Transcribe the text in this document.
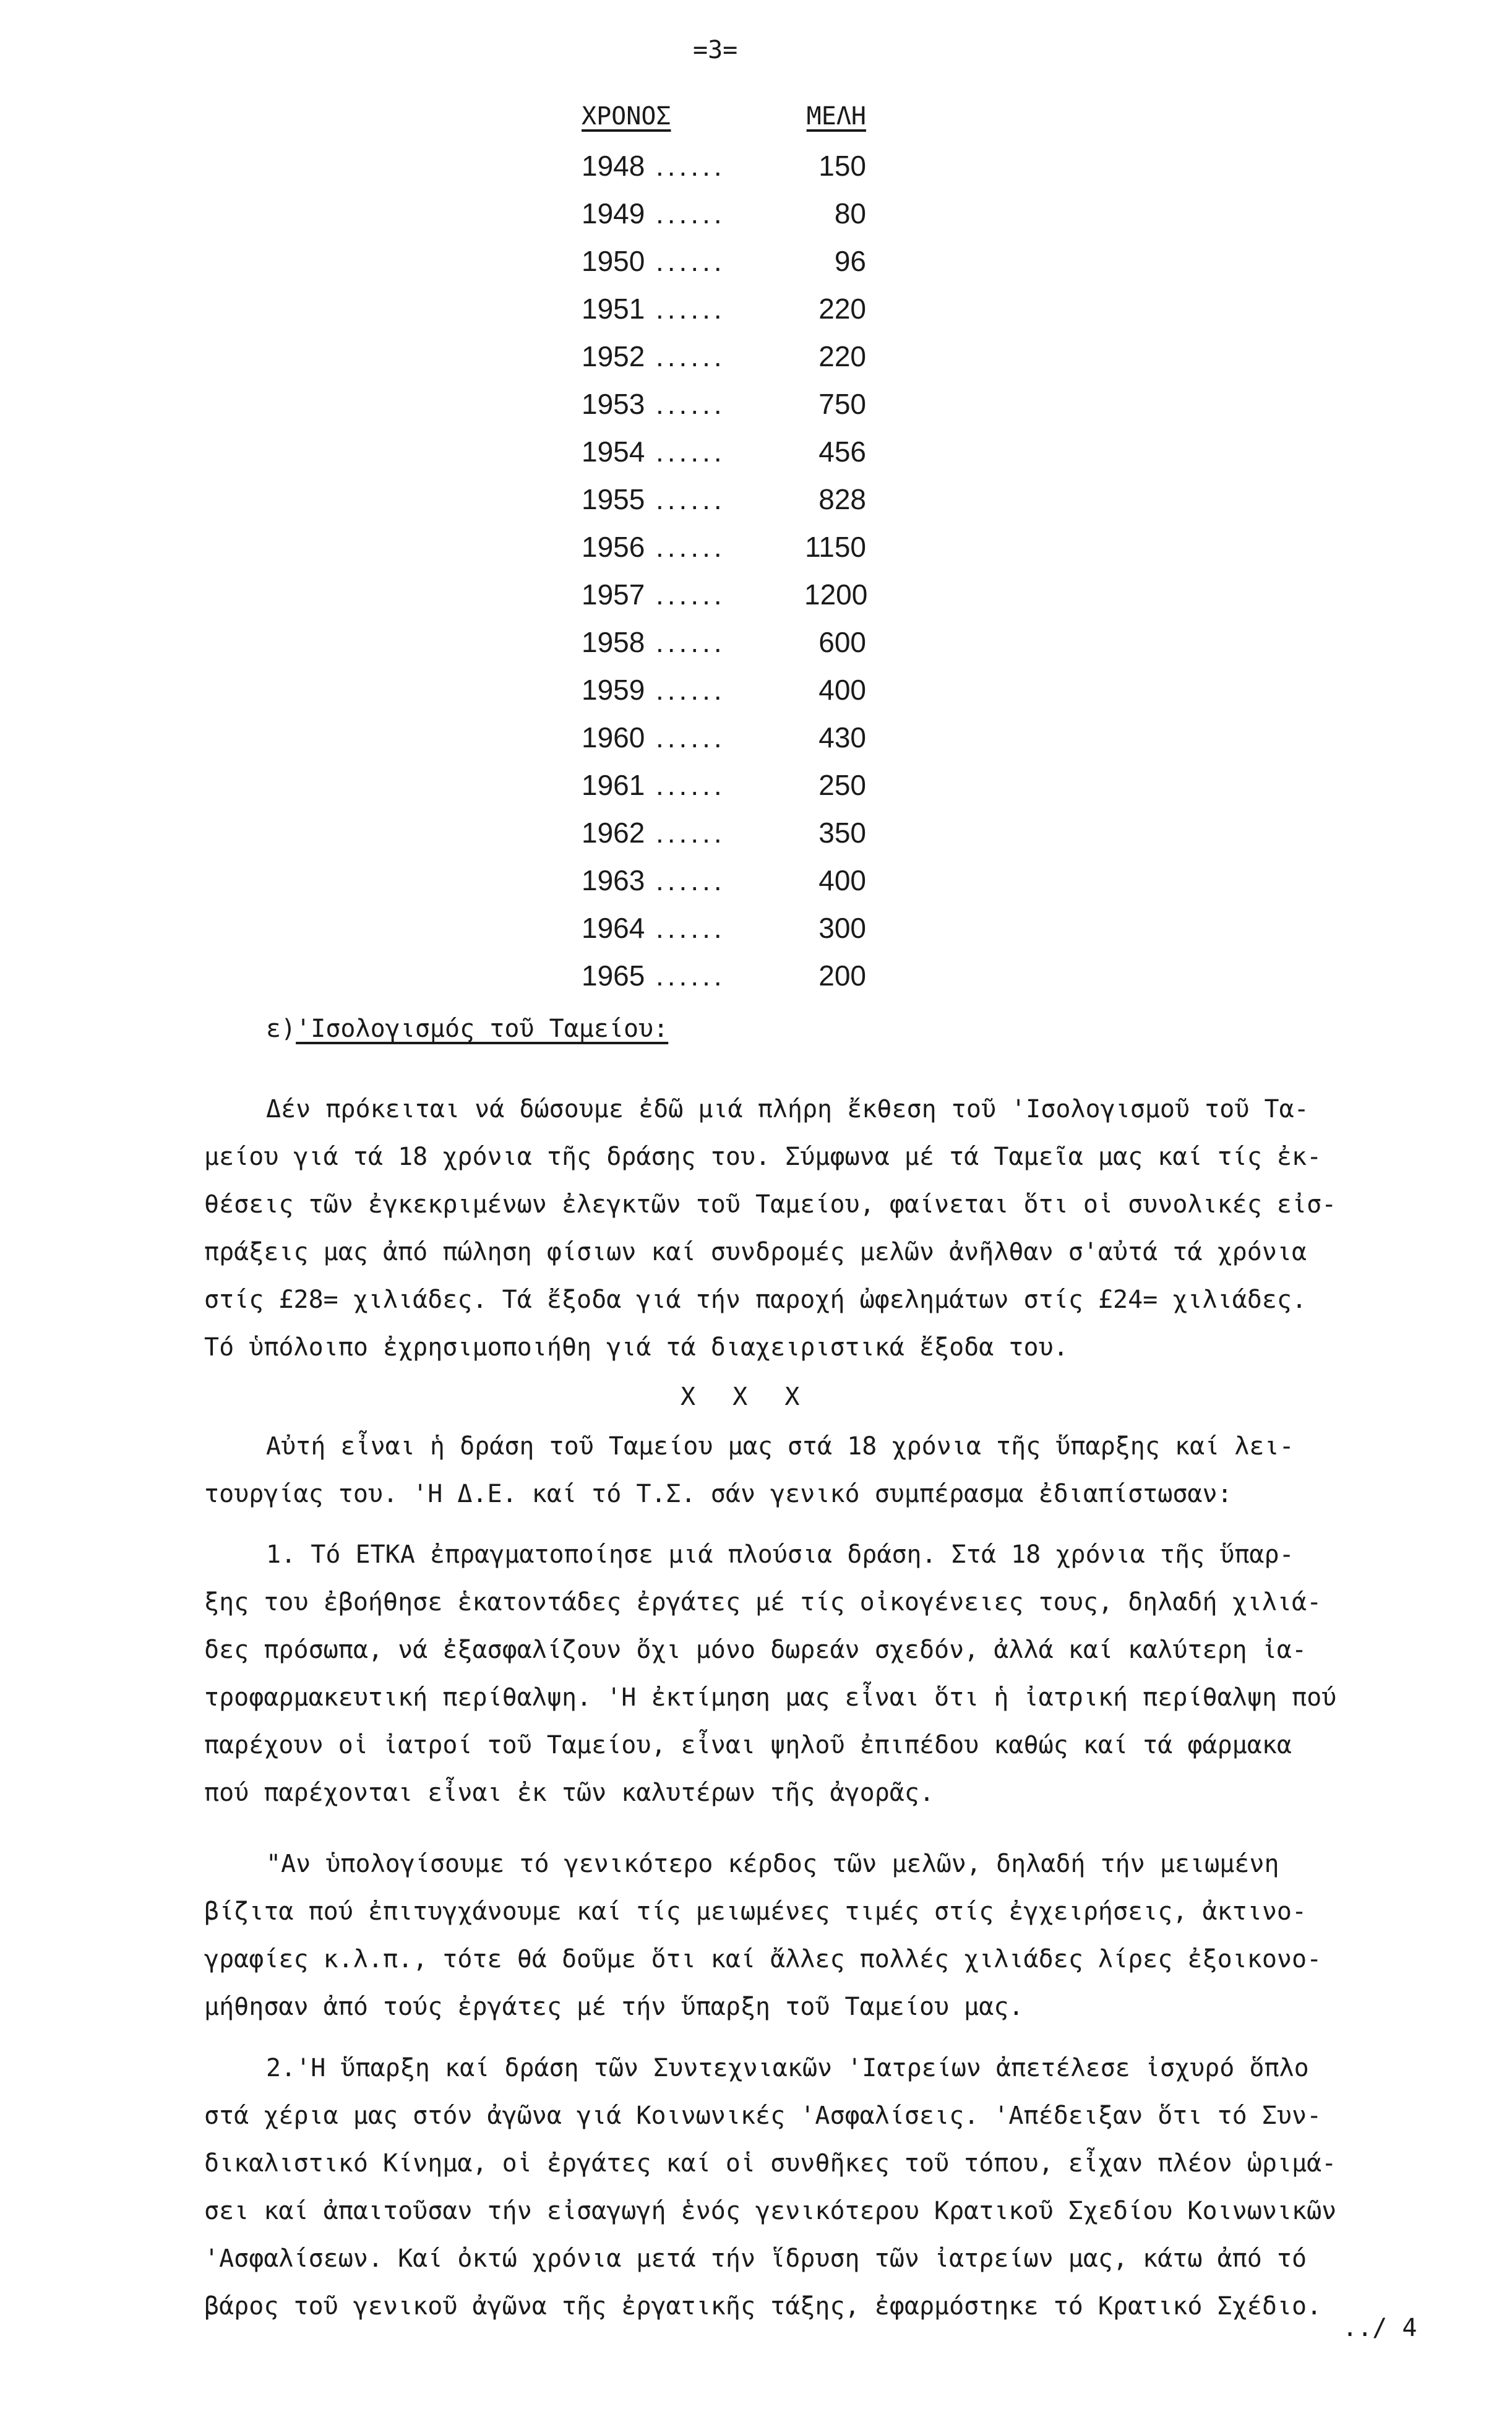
=3=
ΧΡΟΝΟΣ	ΜΕΛΗ
1948 ......	150
1949 ......	80
1950 ......	96
1951 ......	220
1952 ......	220
1953 ......	750
1954 ......	456
1955 ......	828
1956 ......	1150
1957 ......	1200
1958 ......	600
1959 ......	400
1960 ......	430
1961 ......	250
1962 ......	350
1963 ......	400
1964 ......	300
1965 ......	200
ε)'Ισολογισμός τοῦ Ταμείου:
Δέν πρόκειται νά δώσουμε ἐδῶ μιά πλήρη ἔκθεση τοῦ 'Ισολογισμοῦ τοῦ Τα-
μείου γιά τά 18 χρόνια τῆς δράσης του. Σύμφωνα μέ τά Ταμεῖα μας καί τίς ἐκ-
θέσεις τῶν ἐγκεκριμένων ἐλεγκτῶν τοῦ Ταμείου, φαίνεται ὅτι οἱ συνολικές εἰσ-
πράξεις μας ἀπό πώληση φίσιων καί συνδρομές μελῶν ἀνῆλθαν σ'αὐτά τά χρόνια
στίς £28= χιλιάδες. Τά ἔξοδα γιά τήν παροχή ὠφελημάτων στίς £24= χιλιάδες.
Τό ὑπόλοιπο ἐχρησιμοποιήθη γιά τά διαχειριστικά ἔξοδα του.
X X X
Αὐτή εἶναι ἡ δράση τοῦ Ταμείου μας στά 18 χρόνια τῆς ὕπαρξης καί λει-
τουργίας του. 'Η Δ.Ε. καί τό Τ.Σ. σάν γενικό συμπέρασμα ἐδιαπίστωσαν:
1. Τό ΕΤΚΑ ἐπραγματοποίησε μιά πλούσια δράση. Στά 18 χρόνια τῆς ὕπαρ-
ξης του ἐβοήθησε ἑκατοντάδες ἐργάτες μέ τίς οἰκογένειες τους, δηλαδή χιλιά-
δες πρόσωπα, νά ἐξασφαλίζουν ὄχι μόνο δωρεάν σχεδόν, ἀλλά καί καλύτερη ἰα-
τροφαρμακευτική περίθαλψη. 'Η ἐκτίμηση μας εἶναι ὅτι ἡ ἰατρική περίθαλψη πού
παρέχουν οἱ ἰατροί τοῦ Ταμείου, εἶναι ψηλοῦ ἐπιπέδου καθώς καί τά φάρμακα
πού παρέχονται εἶναι ἐκ τῶν καλυτέρων τῆς ἀγορᾶς.
"Αν ὑπολογίσουμε τό γενικότερο κέρδος τῶν μελῶν, δηλαδή τήν μειωμένη
βίζιτα πού ἐπιτυγχάνουμε καί τίς μειωμένες τιμές στίς ἐγχειρήσεις, ἀκτινο-
γραφίες κ.λ.π., τότε θά δοῦμε ὅτι καί ἄλλες πολλές χιλιάδες λίρες ἐξοικονο-
μήθησαν ἀπό τούς ἐργάτες μέ τήν ὕπαρξη τοῦ Ταμείου μας.
2.'Η ὕπαρξη καί δράση τῶν Συντεχνιακῶν 'Ιατρείων ἀπετέλεσε ἰσχυρό ὅπλο
στά χέρια μας στόν ἀγῶνα γιά Κοινωνικές 'Ασφαλίσεις. 'Απέδειξαν ὅτι τό Συν-
δικαλιστικό Κίνημα, οἱ ἐργάτες καί οἱ συνθῆκες τοῦ τόπου, εἶχαν πλέον ὡριμά-
σει καί ἀπαιτοῦσαν τήν εἰσαγωγή ἑνός γενικότερου Κρατικοῦ Σχεδίου Κοινωνικῶν
'Ασφαλίσεων. Καί ὀκτώ χρόνια μετά τήν ἵδρυση τῶν ἰατρείων μας, κάτω ἀπό τό
βάρος τοῦ γενικοῦ ἀγῶνα τῆς ἐργατικῆς τάξης, ἐφαρμόστηκε τό Κρατικό Σχέδιο.
../ 4
